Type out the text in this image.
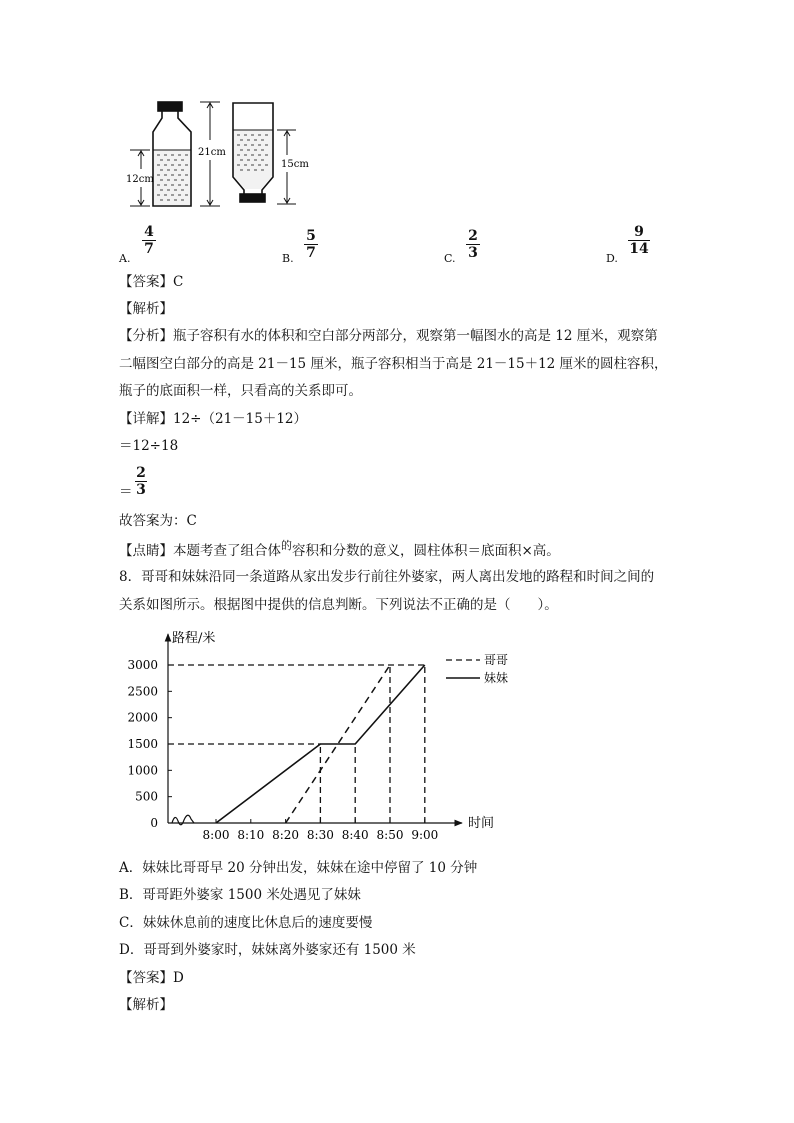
12cm
21cm
15cm
A.
$\frac{4}{7}$
B. $\frac{5}{7}$	C. $\frac{2}{3}$	D.
$\frac{9}{14}$
【答案】C
【解析】
【分析】瓶子容积有水的体积和空白部分两部分，观察第一幅图水的高是 12 厘米，观察第
二幅图空白部分的高是 21－15 厘米，瓶子容积相当于高是 21－15＋12 厘米的圆柱容积，
瓶子的底面积一样，只看高的关系即可。
【详解】12÷（21－15＋12）
＝12÷18
＝ $\frac{2}{3}$
故答案为：C
【点睛】本题考查了组合体$^的$容积和分数的意义，圆柱体积＝底面积×高。
8．哥哥和妹妹沿同一条道路从家出发步行前往外婆家，两人离出发地的路程和时间之间的
关系如图所示。根据图中提供的信息判断。下列说法不正确的是（　　）。
路程/米
时间
0
500
1000
1500
2000
2500
3000
8:00 8:10 8:20 8:30 8:40 8:50 9:00
哥哥
妹妹
A．妹妹比哥哥早 20 分钟出发，妹妹在途中停留了 10 分钟
B．哥哥距外婆家 1500 米处遇见了妹妹
C．妹妹休息前的速度比休息后的速度要慢
D．哥哥到外婆家时，妹妹离外婆家还有 1500 米
【答案】D
【解析】
